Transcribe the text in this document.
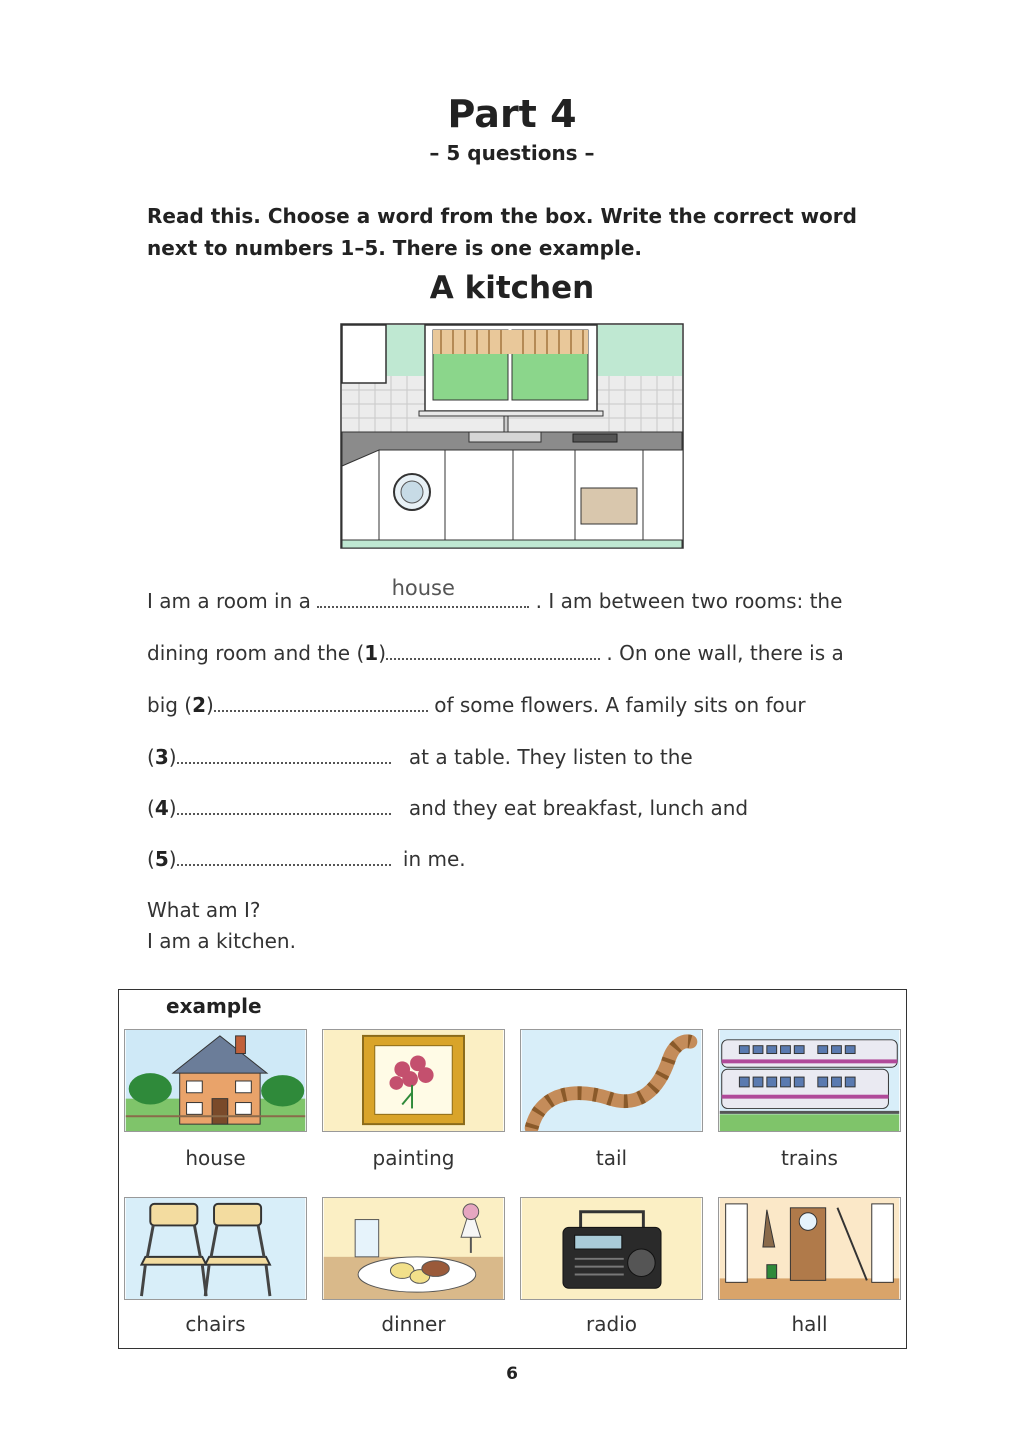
Part 4
– 5 questions –
Read this. Choose a word from the box. Write the correct word
next to numbers 1–5. There is one example.
A kitchen
I am a room in a
house
. I am between two rooms: the
dining room and the (1)	. On one wall, there is a
big (2)	of some flowers. A family sits on four
(3)	at a table. They listen to the
(4)	and they eat breakfast, lunch and
(5)	in me.
What am I?
I am a kitchen.
example
house	painting	tail	trains
chairs	dinner	radio	hall
6
